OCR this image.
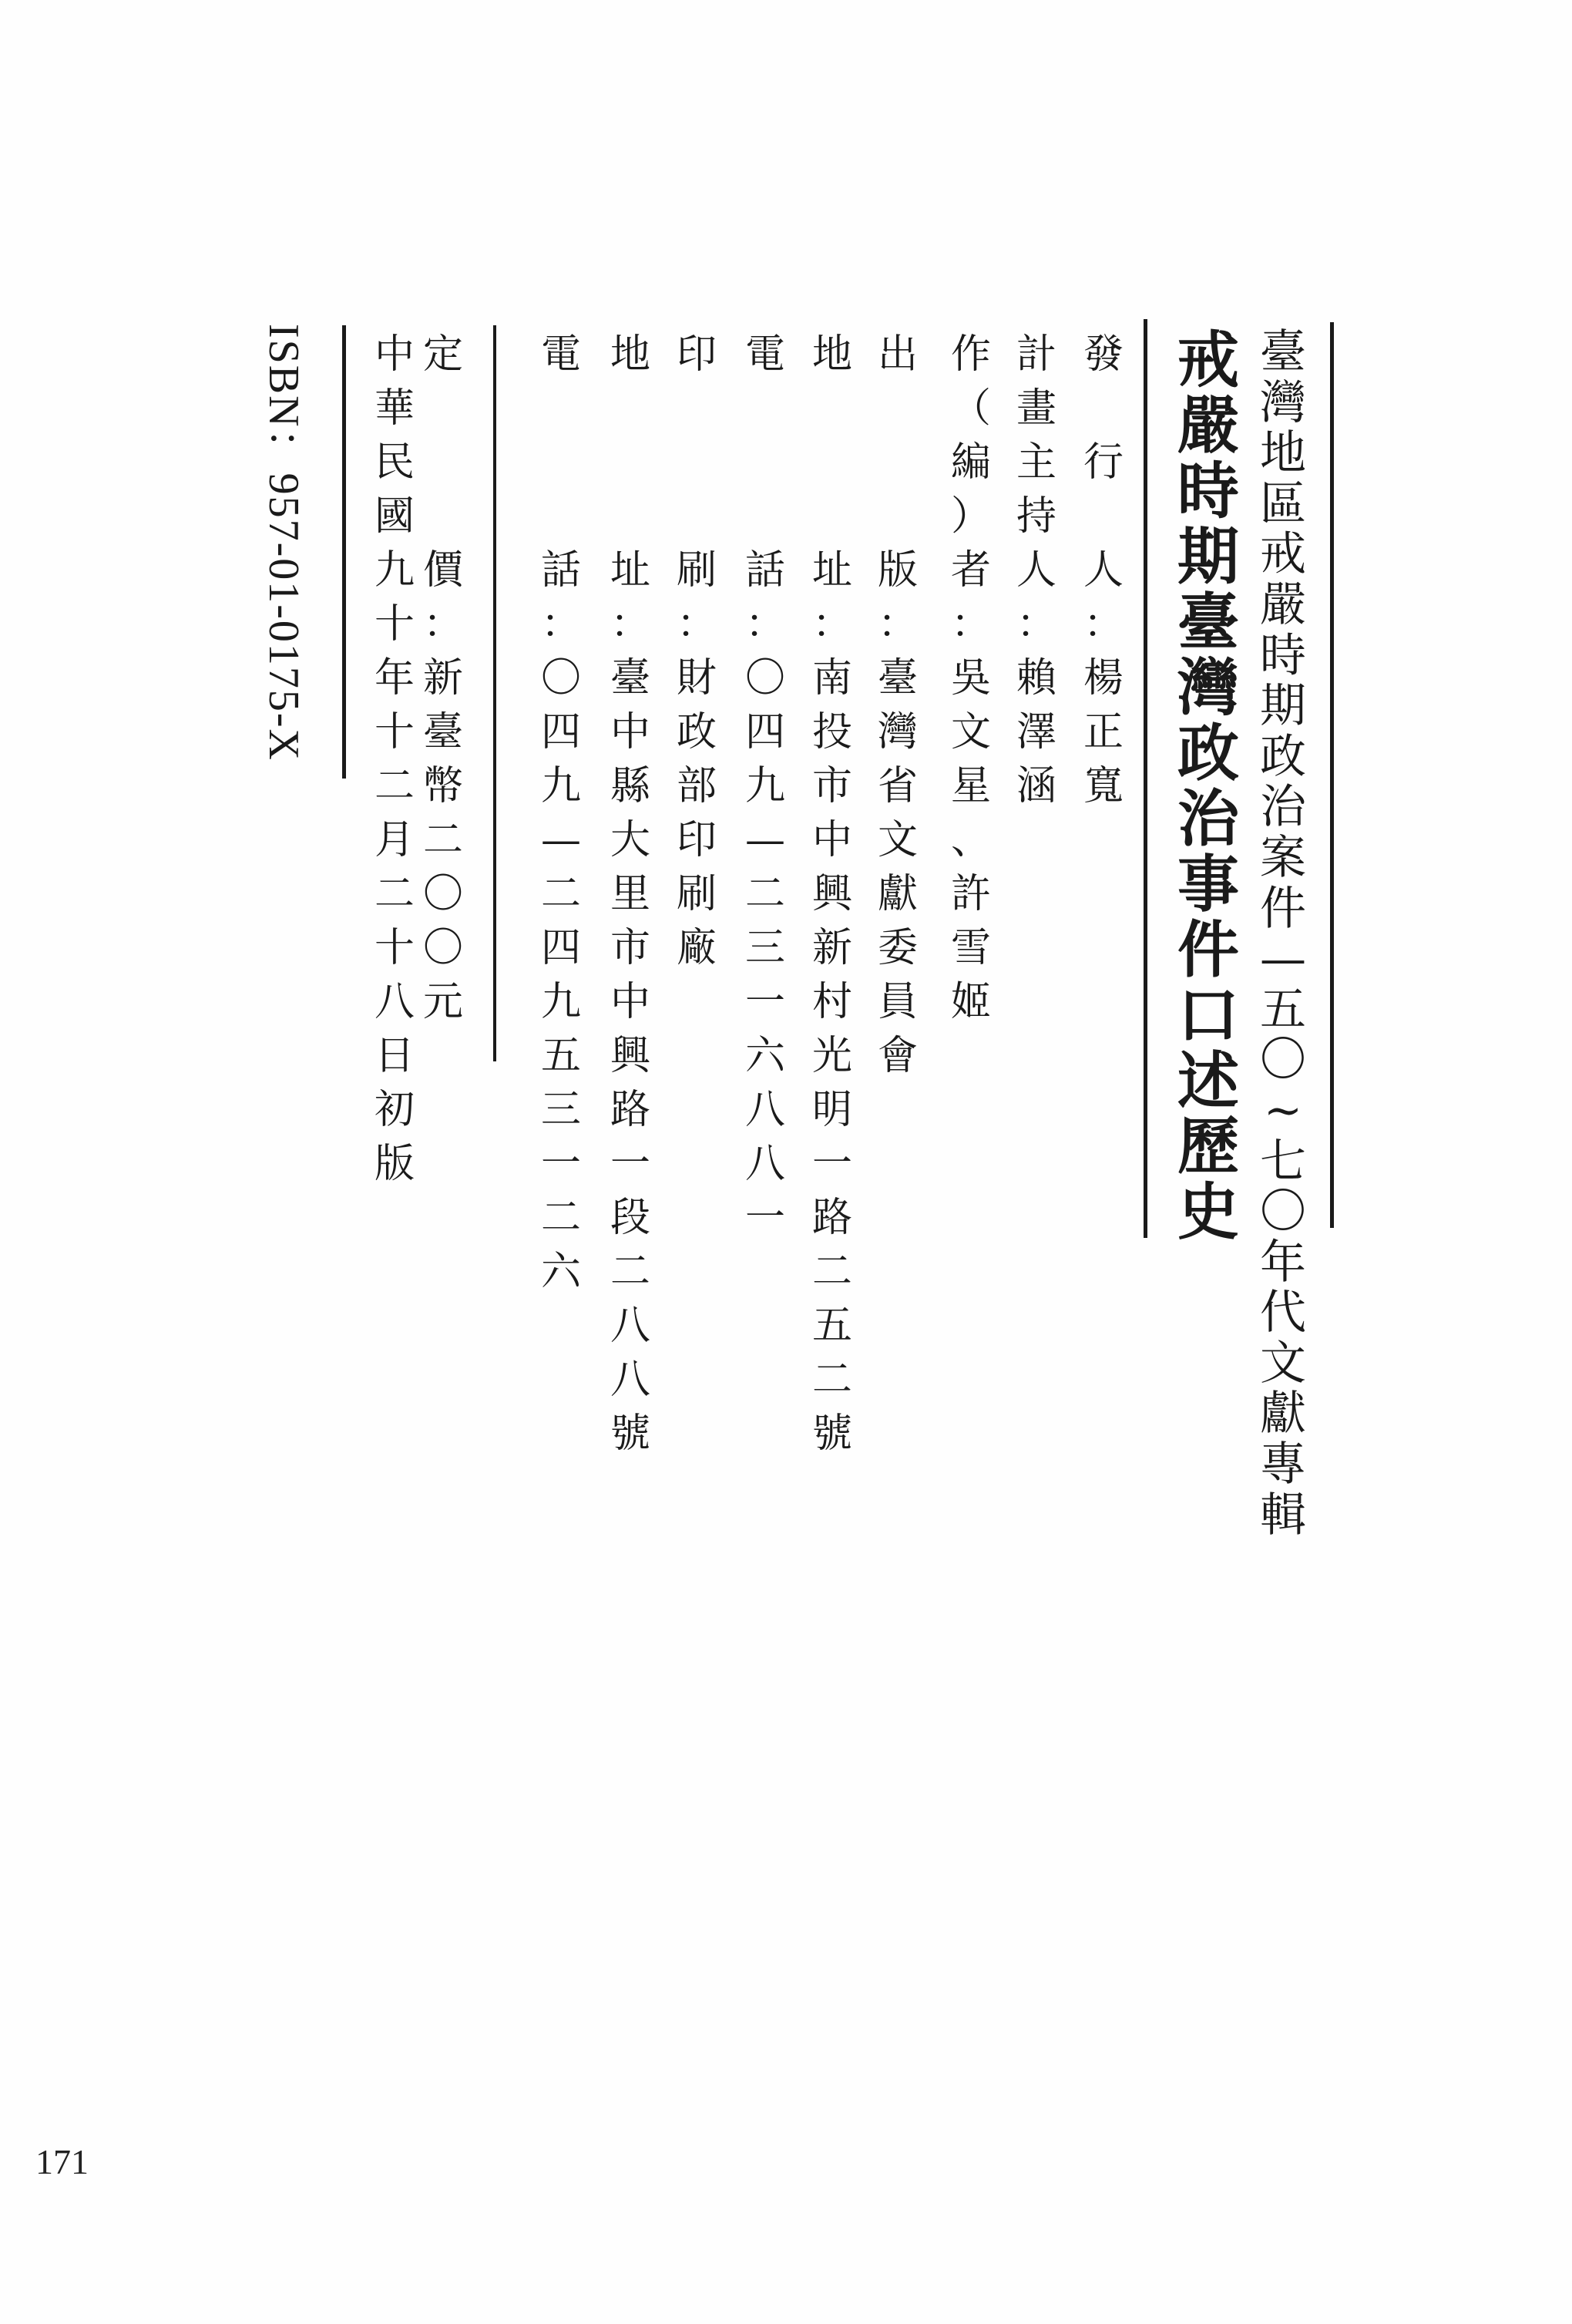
臺
灣
地
區
戒
嚴
時
期
政
治
案
件
—
五
〇
~
七
〇
年
代
文
獻
專
輯
戒
嚴
時
期
臺
灣
政
治
事
件
口
述
歷
史
發
行
人
：
楊
正
寬
計
畫
主
持
人
：
賴
澤
涵
作
（
編
）
者
：
吳
文
星
、
許
雪
姬
出
版
：
臺
灣
省
文
獻
委
員
會
地
址
：
南
投
市
中
興
新
村
光
明
一
路
二
五
二
號
電
話
：
〇
四
九
—
二
三
一
六
八
八
一
印
刷
：
財
政
部
印
刷
廠
地
址
：
臺
中
縣
大
里
市
中
興
路
一
段
二
八
八
號
電
話
：
〇
四
九
—
二
四
九
五
三
一
二
六
定
價
：
新
臺
幣
二
〇
〇
元
中
華
民
國
九
十
年
十
二
月
二
十
八
日
初
版
ISBN：957-01-0175-X
171
